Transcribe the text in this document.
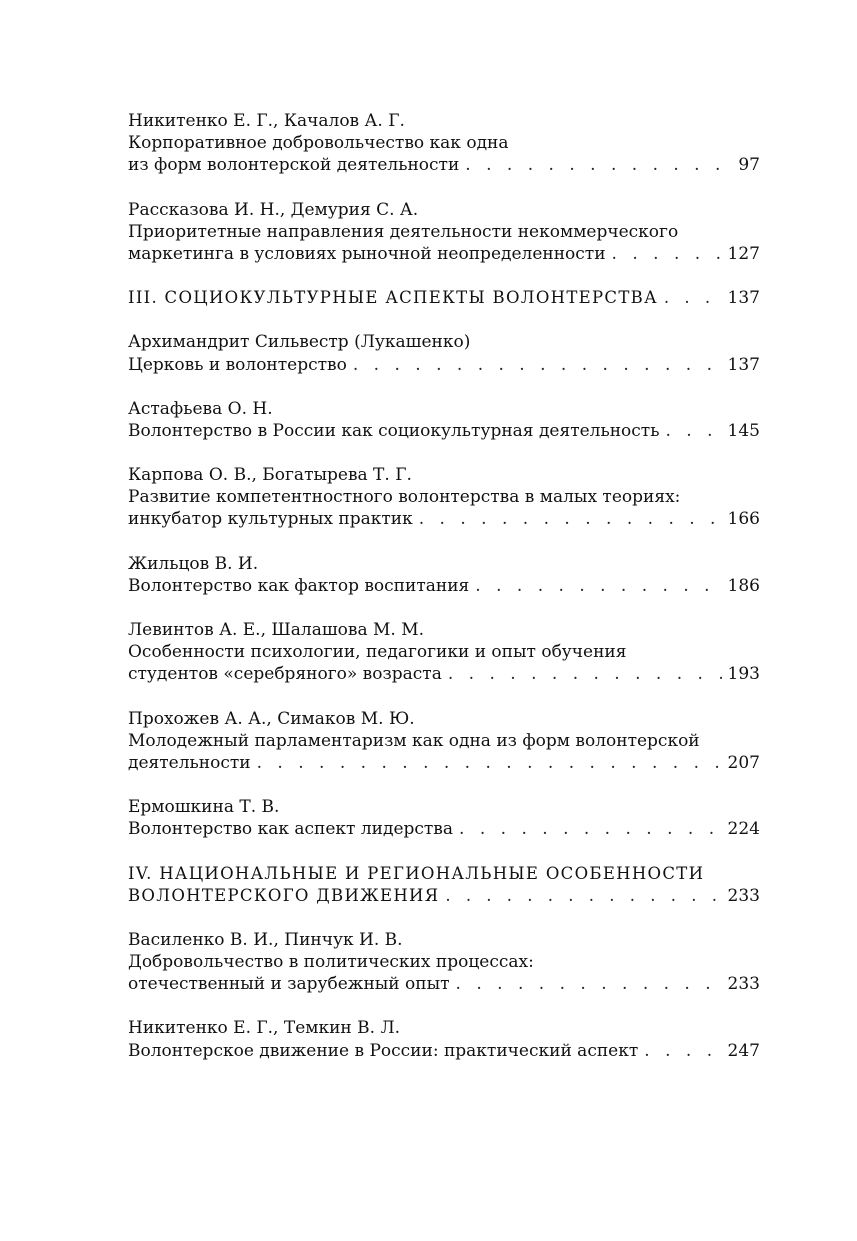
Никитенко Е. Г., Качалов А. Г.
Корпоративное добровольчество как одна
из форм волонтерской деятельности . . .	97
Рассказова И. Н., Демурия С. А.
Приоритетные направления деятельности некоммерческого
маркетинга в условиях рыночной неопределенности . . .	127
III. СОЦИОКУЛЬТУРНЫЕ АСПЕКТЫ ВОЛОНТЕРСТВА . . .	137
Архимандрит Сильвестр (Лукашенко)
Церковь и волонтерство . . .	137
Астафьева О. Н.
Волонтерство в России как социокультурная деятельность . . .	145
Карпова О. В., Богатырева Т. Г.
Развитие компетентностного волонтерства в малых теориях:
инкубатор культурных практик . . .	166
Жильцов В. И.
Волонтерство как фактор воспитания . . .	186
Левинтов А. Е., Шалашова М. М.
Особенности психологии, педагогики и опыт обучения
студентов «серебряного» возраста . . .	193
Прохожев А. А., Симаков М. Ю.
Молодежный парламентаризм как одна из форм волонтерской
деятельности . . .	207
Ермошкина Т. В.
Волонтерство как аспект лидерства . . .	224
IV. НАЦИОНАЛЬНЫЕ И РЕГИОНАЛЬНЫЕ ОСОБЕННОСТИ
ВОЛОНТЕРСКОГО ДВИЖЕНИЯ . . .	233
Василенко В. И., Пинчук И. В.
Добровольчество в политических процессах:
отечественный и зарубежный опыт . . .	233
Никитенко Е. Г., Темкин В. Л.
Волонтерское движение в России: практический аспект . . .	247
